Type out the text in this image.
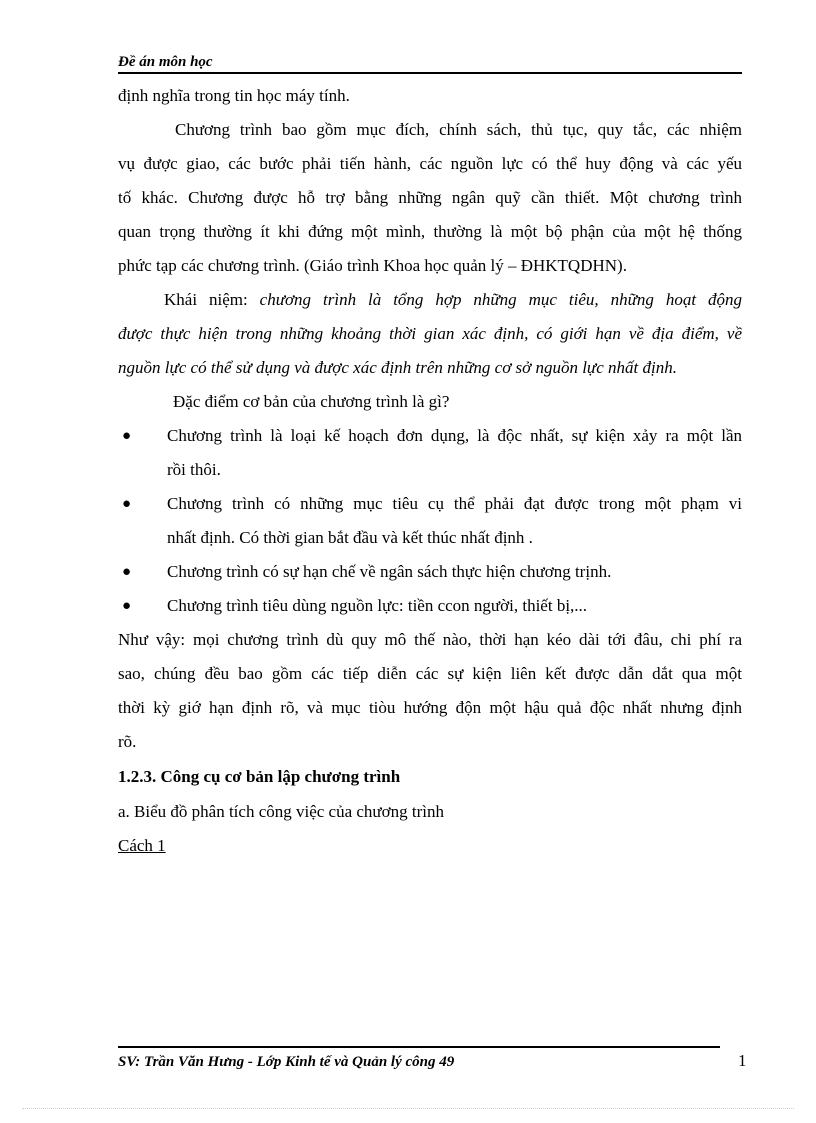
Đề án môn học
định nghĩa trong tin học máy tính.
Chương trình bao gồm mục đích, chính sách, thủ tục, quy tắc, các nhiệm
vụ được giao, các bước phải tiến hành, các nguồn lực có thể huy động và các yếu
tố khác. Chương được hỗ trợ bằng những ngân quỹ cần thiết. Một chương trình
quan trọng thường ít khi đứng một mình, thường là một bộ phận của một hệ thống
phức tạp các chương trình. (Giáo trình Khoa học quản lý – ĐHKTQDHN).
Khái niệm: chương trình là tổng hợp những mục tiêu, những hoạt động
được thực hiện trong những khoảng thời gian xác định, có giới hạn về địa điểm, về
nguồn lực có thể sử dụng và được xác định trên những cơ sở nguồn lực nhất định.
Đặc điểm cơ bản của chương trình là gì?
● Chương trình là loại kế hoạch đơn dụng, là độc nhất, sự kiện xảy ra một lần
rồi thôi.
● Chương trình có những mục tiêu cụ thể phải đạt được trong một phạm vi
nhất định. Có thời gian bắt đầu và kết thúc nhất định .
● Chương trình có sự hạn chế về ngân sách thực hiện chương trịnh.
● Chương trình tiêu dùng nguồn lực: tiền ccon người, thiết bị,...
Như vậy: mọi chương trình dù quy mô thế nào, thời hạn kéo dài tới đâu, chi phí ra
sao, chúng đều bao gồm các tiếp diễn các sự kiện liên kết được dẫn dắt qua một
thời kỳ giớ hạn định rõ, và mục tiòu hướng độn một hậu quả độc nhất nhưng định
rõ.
1.2.3. Công cụ cơ bản lập chương trình
a. Biểu đồ phân tích công việc của chương trình
Cách 1
SV: Trần Văn Hưng - Lớp Kinh tế và Quản lý công 49	1
